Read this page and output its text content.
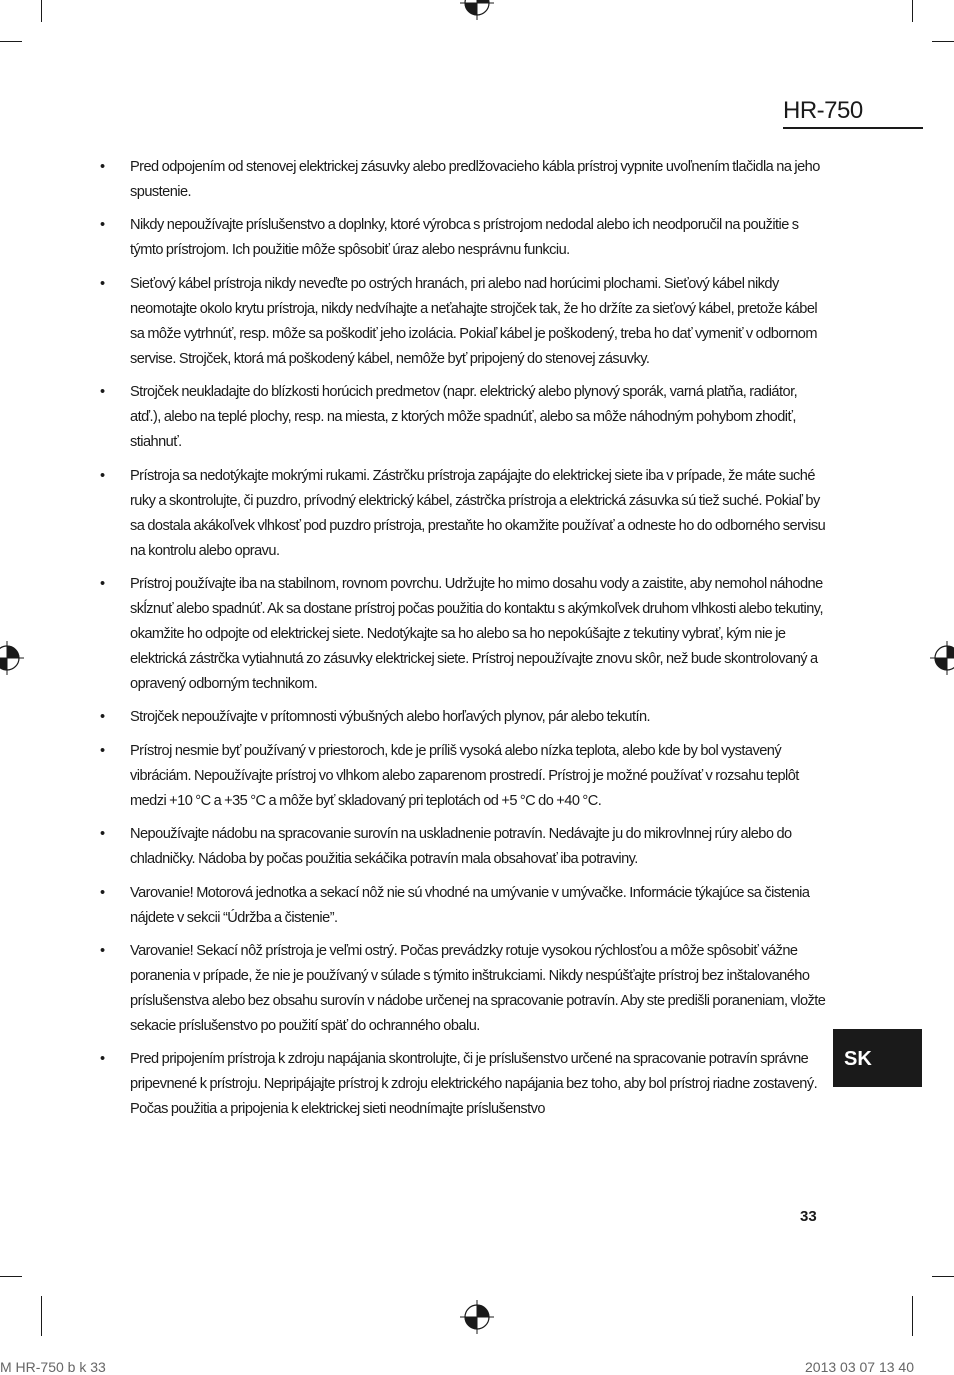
HR-750
•	Pred odpojením od stenovej elektrickej zásuvky alebo predlžovacieho kábla prístroj vypnite uvoľnením tlačidla na jeho spustenie.
•	Nikdy nepoužívajte príslušenstvo a doplnky, ktoré výrobca s prístrojom nedodal alebo ich neodporučil na použitie s týmto prístrojom. Ich použitie môže spôsobiť úraz alebo nesprávnu funkciu.
•	Sieťový kábel prístroja nikdy neveďte po ostrých hranách, pri alebo nad horúcimi plochami. Sieťový kábel nikdy neomotajte okolo krytu prístroja, nikdy nedvíhajte a neťahajte strojček tak, že ho držíte za sieťový kábel, pretože kábel sa môže vytrhnúť, resp. môže sa poškodiť jeho izolácia. Pokiaľ kábel je poškodený, treba ho dať vymeniť v odbornom servise. Strojček, ktorá má poškodený kábel, nemôže byť pripojený do stenovej zásuvky.
•	Strojček neukladajte do blízkosti horúcich predmetov (napr. elektrický alebo plynový sporák, varná platňa, radiátor, atď.), alebo na teplé plochy, resp. na miesta, z ktorých môže spadnúť, alebo sa môže náhodným pohybom zhodiť, stiahnuť.
•	Prístroja sa nedotýkajte mokrými rukami. Zástrčku prístroja zapájajte do elektrickej siete iba v prípade, že máte suché ruky a skontrolujte, či puzdro, prívodný elektrický kábel, zástrčka prístroja a elektrická zásuvka sú tiež suché. Pokiaľ by sa dostala akákoľvek vlhkosť pod puzdro prístroja, prestaňte ho okamžite používať a odneste ho do odborného servisu na kontrolu alebo opravu.
•	Prístroj používajte iba na stabilnom, rovnom povrchu. Udržujte ho mimo dosahu vody a zaistite, aby nemohol náhodne skĺznuť alebo spadnúť. Ak sa dostane prístroj počas použitia do kontaktu s akýmkoľvek druhom vlhkosti alebo tekutiny, okamžite ho odpojte od elektrickej siete. Nedotýkajte sa ho alebo sa ho nepokúšajte z tekutiny vybrať, kým nie je elektrická zástrčka vytiahnutá zo zásuvky elektrickej siete. Prístroj nepoužívajte znovu skôr, než bude skontrolovaný a opravený odborným technikom.
•	Strojček nepoužívajte v prítomnosti výbušných alebo horľavých plynov, pár alebo tekutín.
•	Prístroj nesmie byť používaný v priestoroch, kde je príliš vysoká alebo nízka teplota, alebo kde by bol vystavený vibráciám. Nepoužívajte prístroj vo vlhkom alebo zaparenom prostredí. Prístroj je možné používať v rozsahu teplôt medzi +10 °C a +35 °C a môže byť skladovaný pri teplotách od +5 °C do +40 °C.
•	Nepoužívajte nádobu na spracovanie surovín na uskladnenie potravín. Nedávajte ju do mikrovlnnej rúry alebo do chladničky. Nádoba by počas použitia sekáčika potravín mala obsahovať iba potraviny.
•	Varovanie! Motorová jednotka a sekací nôž nie sú vhodné na umývanie v umývačke. Informácie týkajúce sa čistenia nájdete v sekcii “Údržba a čistenie”.
•	Varovanie! Sekací nôž prístroja je veľmi ostrý. Počas prevádzky rotuje vysokou rýchlosťou a môže spôsobiť vážne poranenia v prípade, že nie je používaný v súlade s týmito inštrukciami. Nikdy nespúšťajte prístroj bez inštalovaného príslušenstva alebo bez obsahu surovín v nádobe určenej na spracovanie potravín. Aby ste predišli poraneniam, vložte sekacie príslušenstvo po použití späť do ochranného obalu.
•	Pred pripojením prístroja k zdroju napájania skontrolujte, či je príslušenstvo určené na spracovanie potravín správne pripevnené k prístroju. Nepripájajte prístroj k zdroju elektrického napájania bez toho, aby bol prístroj riadne zostavený. Počas použitia a pripojenia k elektrickej sieti neodnímajte príslušenstvo
SK
33
M HR-750 b k 33	2013 03 07 13 40
